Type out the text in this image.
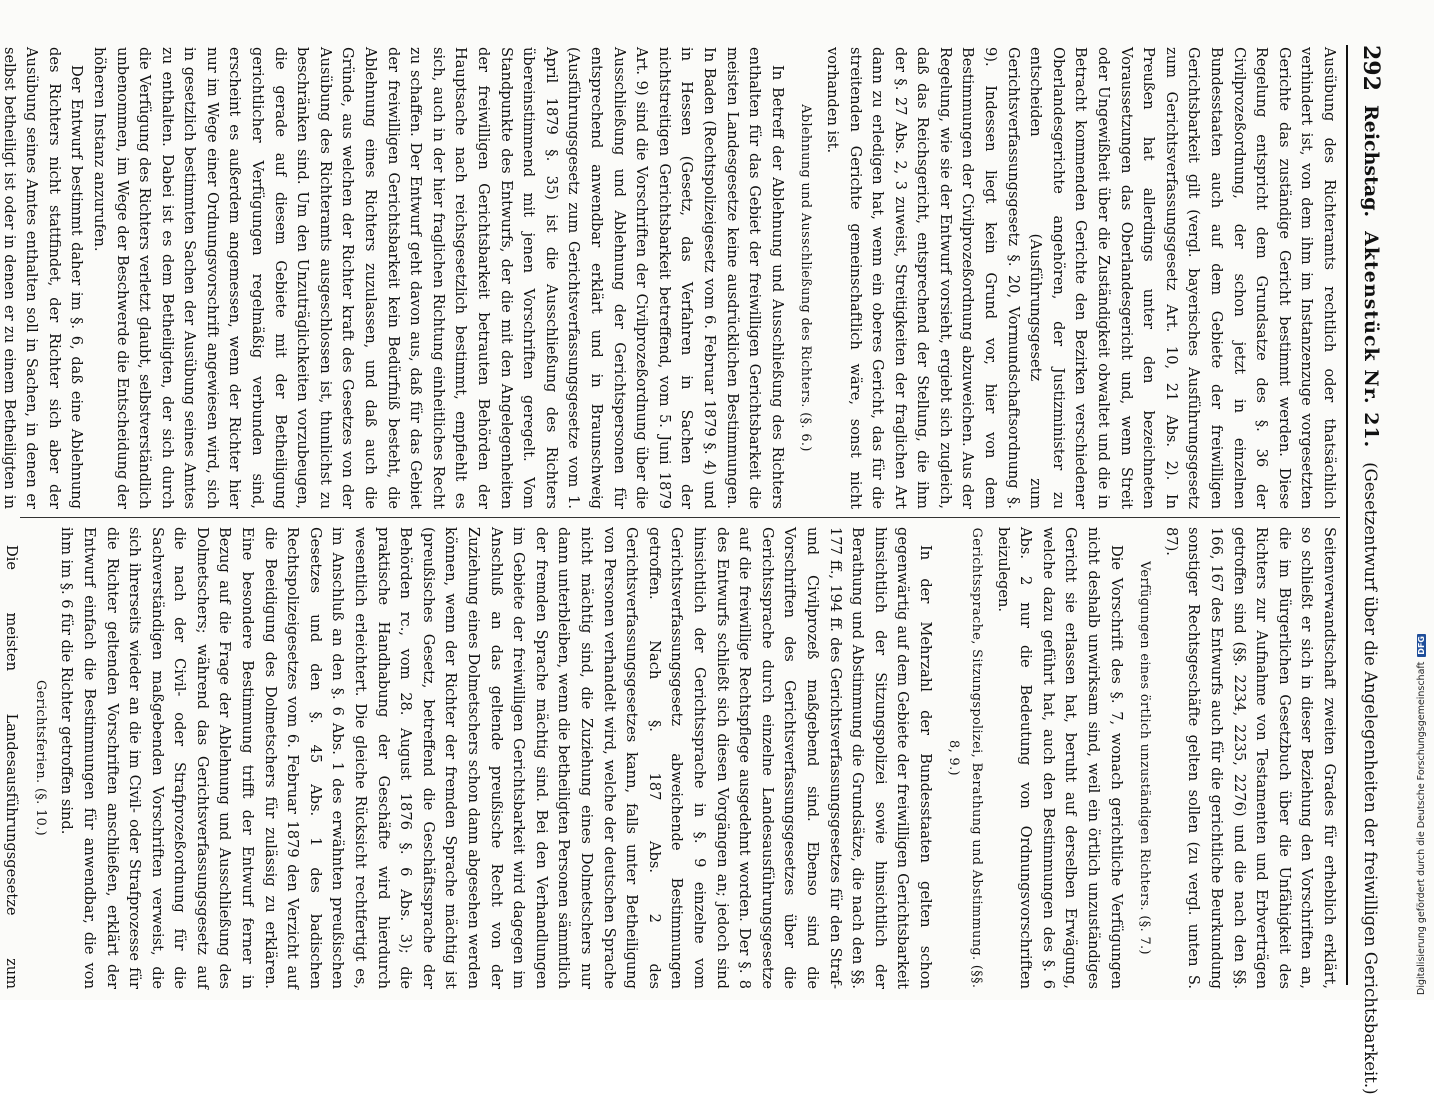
292
Reichstag.
Aktenstück Nr. 21.
(Gesetzentwurf über die Angelegenheiten der freiwilligen Gerichtsbarkeit.)

Ausübung des Richteramts rechtlich oder thatsächlich verhindert ist, von dem ihm im Instanzenzuge vorgesetzten Gerichte das zuständige Gericht bestimmt werden. Diese Regelung entspricht dem Grundsatze des §. 36 der Civilprozeßordnung, der schon jetzt in einzelnen Bundesstaaten auch auf dem Gebiete der freiwilligen Gerichtsbarkeit gilt (vergl. bayerisches Ausführungsgesetz zum Gerichtsverfassungsgesetz Art. 10, 21 Abs. 2). In Preußen hat allerdings unter den bezeichneten Voraussetzungen das Oberlandesgericht und, wenn Streit oder Ungewißheit über die Zuständigkeit obwaltet und die in Betracht kommenden Gerichte den Bezirken verschiedener Oberlandesgerichte angehören, der Justizminister zu entscheiden (Ausführungsgesetz zum Gerichtsverfassungsgesetz §. 20, Vormundschaftsordnung §. 9). Indessen liegt kein Grund vor, hier von dem Bestimmungen der Civilprozeßordnung abzuweichen. Aus der Regelung, wie sie der Entwurf vorsieht, ergiebt sich zugleich, daß das Reichsgericht, entsprechend der Stellung, die ihm der §. 27 Abs. 2, 3 zuweist, Streitigkeiten der fraglichen Art dann zu erledigen hat, wenn ein oberes Gericht, das für die streitenden Gerichte gemeinschaftlich wäre, sonst nicht vorhanden ist.

Ablehnung und Ausschließung des Richters. (§. 6.)

In Betreff der Ablehnung und Ausschließung des Richters enthalten für das Gebiet der freiwilligen Gerichtsbarkeit die meisten Landesgesetze keine ausdrücklichen Bestimmungen. In Baden (Rechtspolizeigesetz vom 6. Februar 1879 §. 4) und in Hessen (Gesetz, das Verfahren in Sachen der nichtstreitigen Gerichtsbarkeit betreffend, vom 5. Juni 1879 Art. 9) sind die Vorschriften der Civilprozeßordnung über die Ausschließung und Ablehnung der Gerichtspersonen für entsprechend anwendbar erklärt und in Braunschweig (Ausführungsgesetz zum Gerichtsverfassungsgesetze vom 1. April 1879 §. 35) ist die Ausschließung des Richters übereinstimmend mit jenen Vorschriften geregelt. Vom Standpunkte des Entwurfs, der die mit den Angelegenheiten der freiwilligen Gerichtsbarkeit betrauten Behörden der Hauptsache nach reichsgesetzlich bestimmt, empfiehlt es sich, auch in der hier fraglichen Richtung einheitliches Recht zu schaffen. Der Entwurf geht davon aus, daß für das Gebiet der freiwilligen Gerichtsbarkeit kein Bedürfniß besteht, die Ablehnung eines Richters zuzulassen, und daß auch die Gründe, aus welchen der Richter kraft des Gesetzes von der Ausübung des Richteramts ausgeschlossen ist, thunlichst zu beschränken sind. Um den Unzuträglichkeiten vorzubeugen, die gerade auf diesem Gebiete mit der Betheiligung gerichtlicher Verfügungen regelmäßig verbunden sind, erscheint es außerdem angemessen, wenn der Richter hier nur im Wege einer Ordnungsvorschrift angewiesen wird, sich in gesetzlich bestimmten Sachen der Ausübung seines Amtes zu enthalten. Dabei ist es dem Betheiligten, der sich durch die Verfügung des Richters verletzt glaubt, selbstverständlich unbenommen, im Wege der Beschwerde die Entscheidung der höheren Instanz anzurufen.

Der Entwurf bestimmt daher im §. 6, daß eine Ablehnung des Richters nicht stattfindet, der Richter sich aber der Ausübung seines Amtes enthalten soll in Sachen, in denen er selbst betheiligt ist oder in denen er zu einem Betheiligten in

Seitenverwandtschaft zweiten Grades für erheblich erklärt, so schließt er sich in dieser Beziehung den Vorschriften an, die im Bürgerlichen Gesetzbuch über die Unfähigkeit des Richters zur Aufnahme von Testamenten und Erbverträgen getroffen sind (§§. 2234, 2235, 2276) und die nach den §§. 166, 167 des Entwurfs auch für die gerichtliche Beurkundung sonstiger Rechtsgeschäfte gelten sollen (zu vergl. unten S. 87).

Verfügungen eines örtlich unzuständigen Richters. (§. 7.)

Die Vorschrift des §. 7, wonach gerichtliche Verfügungen nicht deshalb unwirksam sind, weil ein örtlich unzuständiges Gericht sie erlassen hat, beruht auf derselben Erwägung, welche dazu geführt hat, auch den Bestimmungen des §. 6 Abs. 2 nur die Bedeutung von Ordnungsvorschriften beizulegen.

Gerichtssprache, Sitzungspolizei, Berathung und Abstimmung. (§§. 8, 9.)

In der Mehrzahl der Bundesstaaten gelten schon gegenwärtig auf dem Gebiete der freiwilligen Gerichtsbarkeit hinsichtlich der Sitzungspolizei sowie hinsichtlich der Berathung und Abstimmung die Grundsätze, die nach den §§. 177 ff., 194 ff. des Gerichtsverfassungsgesetzes für den Straf- und Civilprozeß maßgebend sind. Ebenso sind die Vorschriften des Gerichtsverfassungsgesetzes über die Gerichtssprache durch einzelne Landesausführungsgesetze auf die freiwillige Rechtspflege ausgedehnt worden. Der §. 8 des Entwurfs schließt sich diesen Vorgängen an; jedoch sind hinsichtlich der Gerichtssprache in §. 9 einzelne vom Gerichtsverfassungsgesetz abweichende Bestimmungen getroffen. Nach §. 187 Abs. 2 des Gerichtsverfassungsgesetzes kann, falls unter Betheiligung von Personen verhandelt wird, welche der deutschen Sprache nicht mächtig sind, die Zuziehung eines Dolmetschers nur dann unterbleiben, wenn die betheiligten Personen sämmtlich der fremden Sprache mächtig sind. Bei den Verhandlungen im Gebiete der freiwilligen Gerichtsbarkeit wird dagegen im Anschluß an das geltende preußische Recht von der Zuziehung eines Dolmetschers schon dann abgesehen werden können, wenn der Richter der fremden Sprache mächtig ist (preußisches Gesetz, betreffend die Geschäftssprache der Behörden rc., vom 28. August 1876 §. 6 Abs. 3); die praktische Handhabung der Geschäfte wird hierdurch wesentlich erleichtert. Die gleiche Rücksicht rechtfertigt es, im Anschluß an den §. 6 Abs. 1 des erwähnten preußischen Gesetzes und den §. 45 Abs. 1 des badischen Rechtspolizeigesetzes vom 6. Februar 1879 den Verzicht auf die Beeidigung des Dolmetschers für zulässig zu erklären. Eine besondere Bestimmung trifft der Entwurf ferner in Bezug auf die Frage der Ablehnung und Ausschließung des Dolmetschers; während das Gerichtsverfassungsgesetz auf die nach der Civil- oder Strafprozeßordnung für die Sachverständigen maßgebenden Vorschriften verweist, die sich ihrerseits wieder an die im Civil- oder Strafprozesse für die Richter geltenden Vorschriften anschließen, erklärt der Entwurf einfach die Bestimmungen für anwendbar, die von ihm im §. 6 für die Richter getroffen sind.

Gerichtsferien. (§. 10.)

Die meisten Landesausführungsgesetze zum	Digitalisierung gefördert durch die Deutsche Forschungsgemeinschaft
DFG
